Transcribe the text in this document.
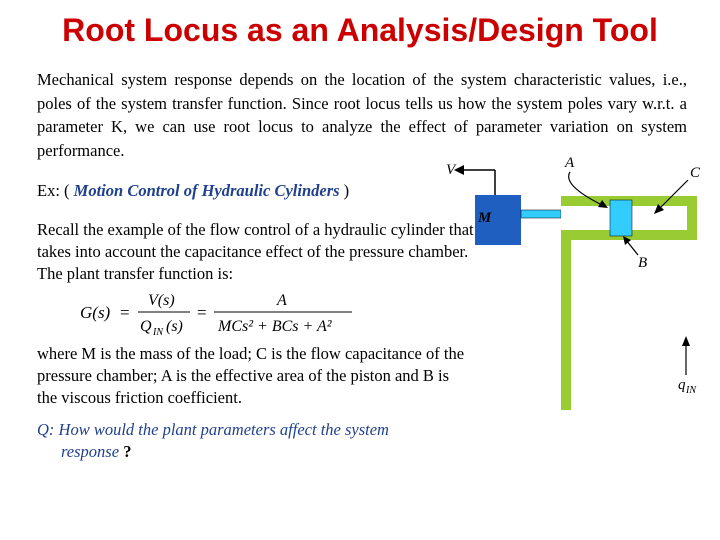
Root Locus as an Analysis/Design Tool
Mechanical system response depends on the location of the system characteristic values, i.e., poles of the system transfer function. Since root locus tells us how the system poles vary w.r.t. a parameter K, we can use root locus to analyze the effect of parameter variation on system performance.
Ex: ( Motion Control of Hydraulic Cylinders )
Recall the example of the flow control of a hydraulic cylinder that takes into account the capacitance effect of the pressure chamber. The plant transfer function is:
G(s) =
V(s)
Q IN (s)
=
A
MCs² + BCs + A²
where M is the mass of the load; C is the flow capacitance of the pressure chamber; A is the effective area of the piston and B is the viscous friction coefficient.
Q: How would the plant parameters affect the system
response ?
M
V	A
C
B
q IN
